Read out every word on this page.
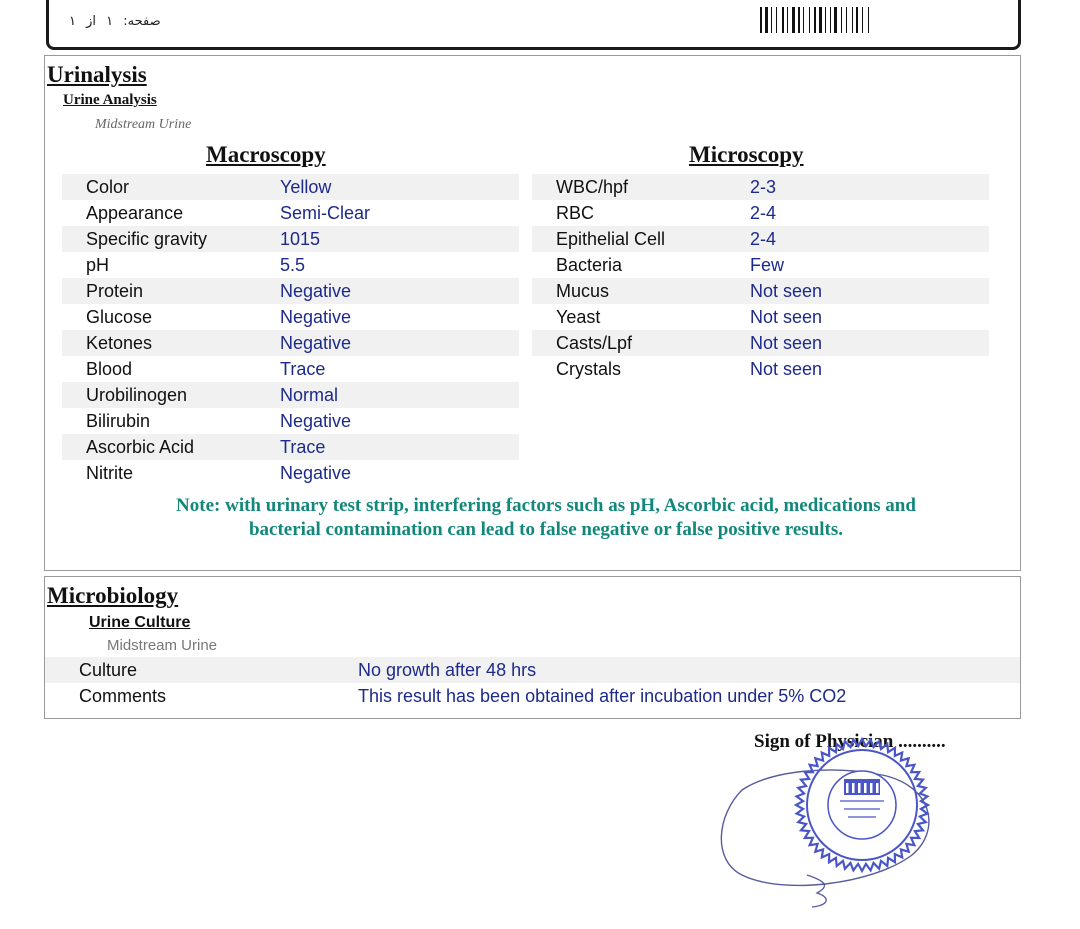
صفحه: ۱ از ۱
Urinalysis
Urine Analysis
Midstream Urine
Macroscopy	Microscopy
Color	Yellow
Appearance	Semi-Clear
Specific gravity	1015
pH	5.5
Protein	Negative
Glucose	Negative
Ketones	Negative
Blood	Trace
Urobilinogen	Normal
Bilirubin	Negative
Ascorbic Acid	Trace
Nitrite	Negative
WBC/hpf	2-3
RBC	2-4
Epithelial Cell	2-4
Bacteria	Few
Mucus	Not seen
Yeast	Not seen
Casts/Lpf	Not seen
Crystals	Not seen
Note: with urinary test strip, interfering factors such as pH, Ascorbic acid, medications and bacterial contamination can lead to false negative or false positive results.
Microbiology
Urine Culture
Midstream Urine
Culture	No growth after 48 hrs
Comments	This result has been obtained after incubation under 5% CO2
Sign of Physician ..........
